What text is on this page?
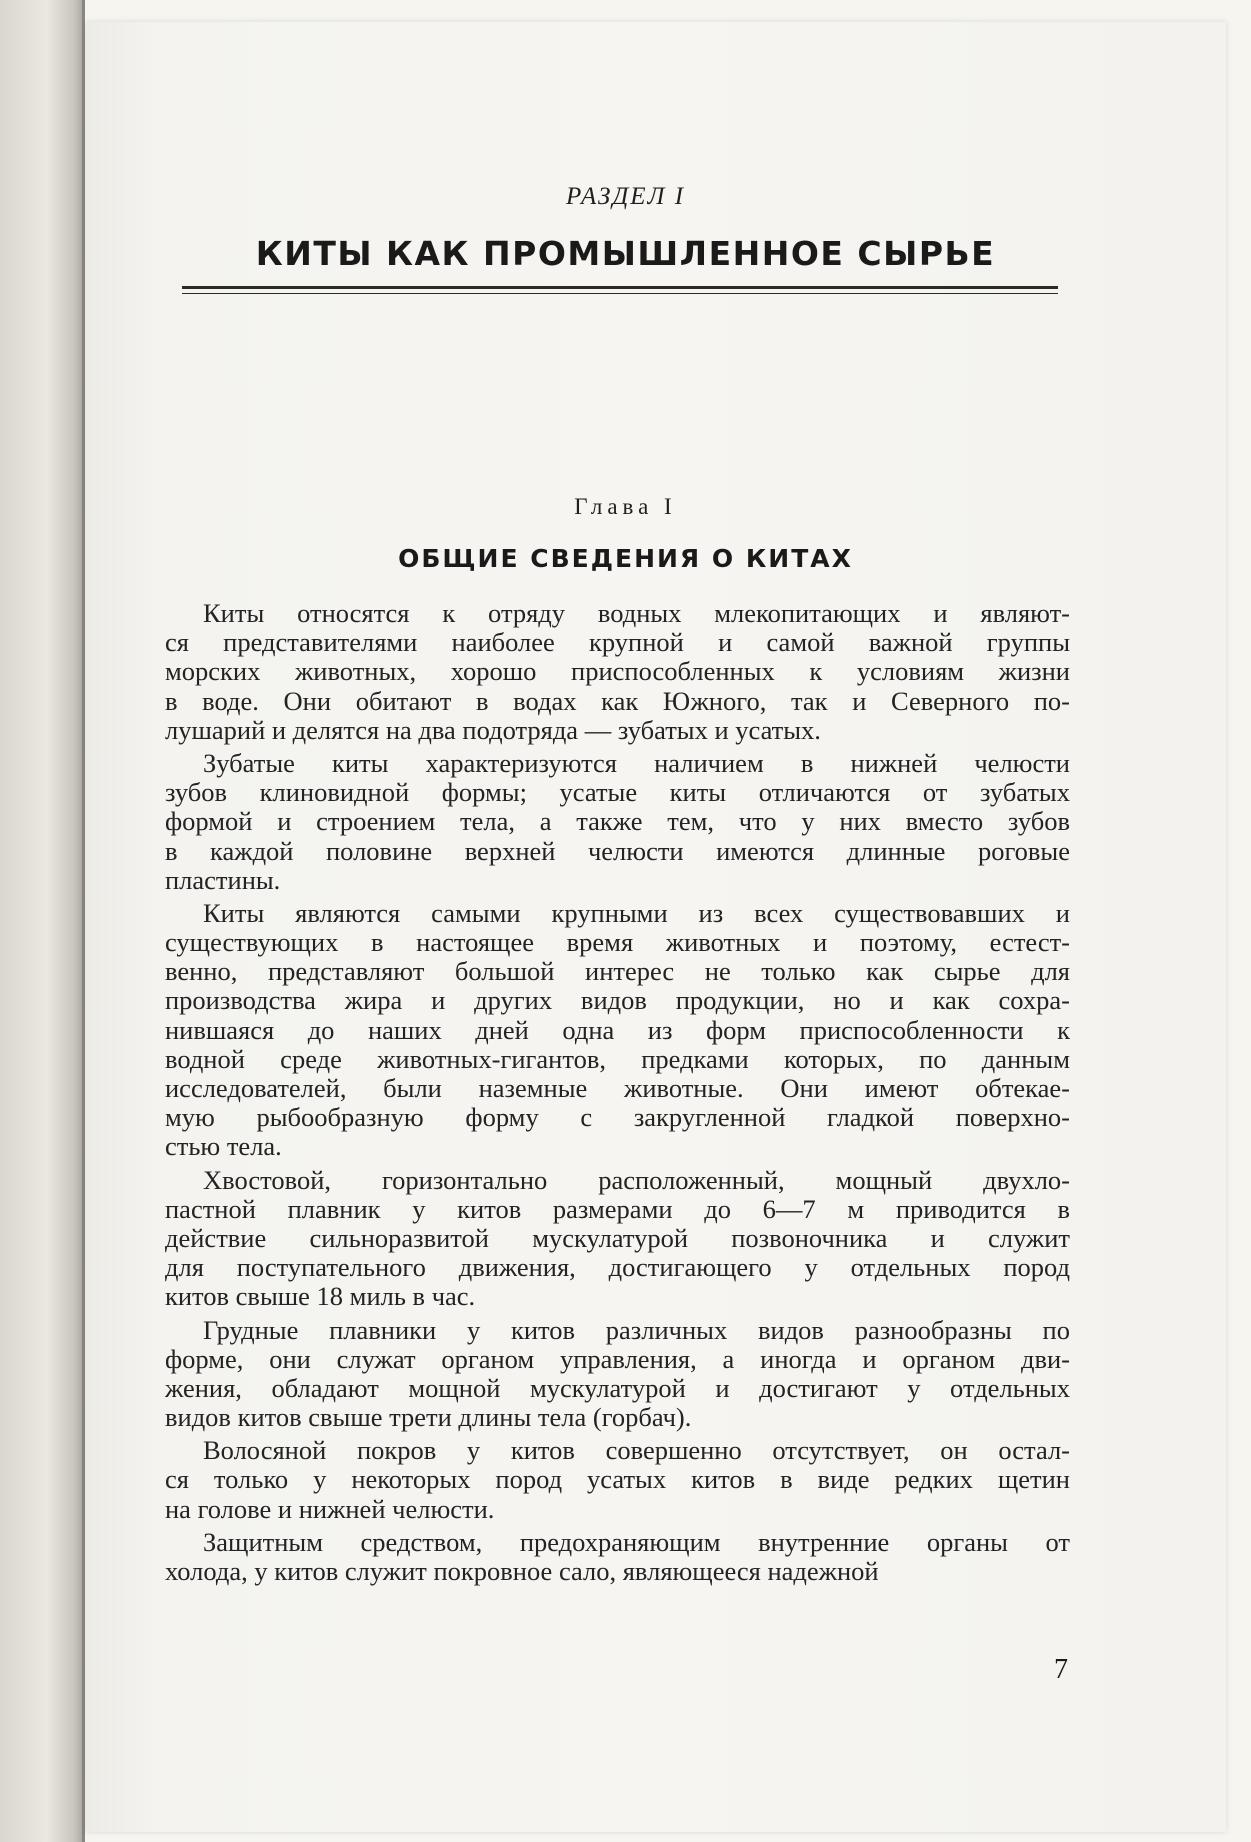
РАЗДЕЛ I
КИТЫ КАК ПРОМЫШЛЕННОЕ СЫРЬЕ
Глава I
ОБЩИЕ СВЕДЕНИЯ О КИТАХ
Киты относятся к отряду водных млекопитающих и являют-
ся представителями наиболее крупной и самой важной группы
морских животных, хорошо приспособленных к условиям жизни
в воде. Они обитают в водах как Южного, так и Северного по-
лушарий и делятся на два подотряда — зубатых и усатых.
Зубатые киты характеризуются наличием в нижней челюсти
зубов клиновидной формы; усатые киты отличаются от зубатых
формой и строением тела, а также тем, что у них вместо зубов
в каждой половине верхней челюсти имеются длинные роговые
пластины.
Киты являются самыми крупными из всех существовавших и
существующих в настоящее время животных и поэтому, естест-
венно, представляют большой интерес не только как сырье для
производства жира и других видов продукции, но и как сохра-
нившаяся до наших дней одна из форм приспособленности к
водной среде животных-гигантов, предками которых, по данным
исследователей, были наземные животные. Они имеют обтекае-
мую рыбообразную форму с закругленной гладкой поверхно-
стью тела.
Хвостовой, горизонтально расположенный, мощный двухло-
пастной плавник у китов размерами до 6—7 м приводится в
действие сильноразвитой мускулатурой позвоночника и служит
для поступательного движения, достигающего у отдельных пород
китов свыше 18 миль в час.
Грудные плавники у китов различных видов разнообразны по
форме, они служат органом управления, а иногда и органом дви-
жения, обладают мощной мускулатурой и достигают у отдельных
видов китов свыше трети длины тела (горбач).
Волосяной покров у китов совершенно отсутствует, он остал-
ся только у некоторых пород усатых китов в виде редких щетин
на голове и нижней челюсти.
Защитным средством, предохраняющим внутренние органы от
холода, у китов служит покровное сало, являющееся надежной
7
